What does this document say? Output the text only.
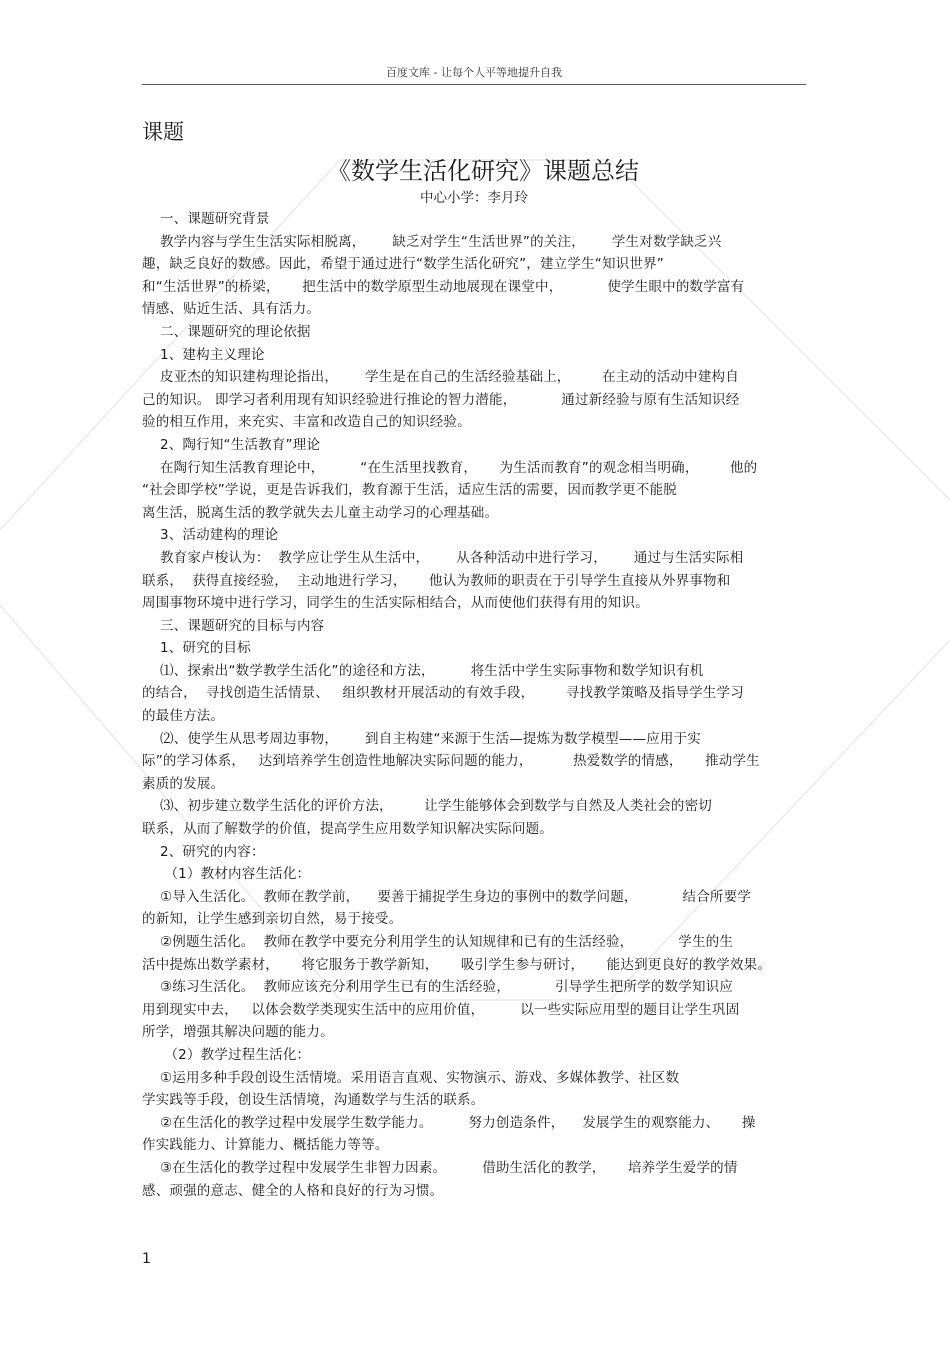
百度文库 - 让每个人平等地提升自我

课题

《数学生活化研究》课题总结

中心小学：李月玲

一、课题研究背景

教学内容与学生生活实际相脱离，      缺乏对学生“生活世界”的关注，      学生对数学缺乏兴

趣，缺乏良好的数感。因此，希望于通过进行“数学生活化研究”，建立学生“知识世界”

和“生活世界”的桥梁，     把生活中的数学原型生动地展现在课堂中，          使学生眼中的数学富有

情感、贴近生活、具有活力。

二、课题研究的理论依据

1、建构主义理论

皮亚杰的知识建构理论指出，      学生是在自己的生活经验基础上，       在主动的活动中建构自

己的知识。 即学习者利用现有知识经验进行推论的智力潜能，          通过新经验与原有生活知识经

验的相互作用，来充实、丰富和改造自己的知识经验。

2、陶行知“生活教育”理论

在陶行知生活教育理论中，        “在生活里找教育，     为生活而教育”的观念相当明确，       他的

“社会即学校”学说，更是告诉我们，教育源于生活，适应生活的需要，因而教学更不能脱

离生活，脱离生活的教学就失去儿童主动学习的心理基础。

3、活动建构的理论

教育家卢梭认为：  教学应让学生从生活中，      从各种活动中进行学习，      通过与生活实际相

联系，  获得直接经验，  主动地进行学习，     他认为教师的职责在于引导学生直接从外界事物和

周围事物环境中进行学习，同学生的生活实际相结合，从而使他们获得有用的知识。

三、课题研究的目标与内容

1、研究的目标

⑴、探索出“数学教学生活化”的途径和方法，        将生活中学生实际事物和数学知识有机

的结合，  寻找创造生活情景、   组织教材开展活动的有效手段，       寻找教学策略及指导学生学习

的最佳方法。

⑵、使学生从思考周边事物，      到自主构建“来源于生活—提炼为数学模型——应用于实

际”的学习体系，   达到培养学生创造性地解决实际问题的能力，         热爱数学的情感，     推动学生

素质的发展。

⑶、初步建立数学生活化的评价方法，       让学生能够体会到数学与自然及人类社会的密切

联系，从而了解数学的价值，提高学生应用数学知识解决实际问题。

2、研究的内容：

（1）教材内容生活化：

①导入生活化。  教师在教学前，    要善于捕捉学生身边的事例中的数学问题，          结合所要学

的新知，让学生感到亲切自然，易于接受。

②例题生活化。  教师在教学中要充分利用学生的认知规律和已有的生活经验，          学生的生

活中提炼出数学素材，     将它服务于教学新知，     吸引学生参与研讨，     能达到更良好的教学效果。

③练习生活化。  教师应该充分利用学生已有的生活经验，          引导学生把所学的数学知识应

用到现实中去，   以体会数学类现实生活中的应用价值，        以一些实际应用型的题目让学生巩固

所学，增强其解决问题的能力。

（2）教学过程生活化：

①运用多种手段创设生活情境。采用语言直观、实物演示、游戏、多媒体教学、社区数

学实践等手段，创设生活情境，沟通数学与生活的联系。

②在生活化的教学过程中发展学生数学能力。        努力创造条件，    发展学生的观察能力、     操

作实践能力、计算能力、概括能力等等。

③在生活化的教学过程中发展学生非智力因素。        借助生活化的教学，     培养学生爱学的情

感、顽强的意志、健全的人格和良好的行为习惯。

1
